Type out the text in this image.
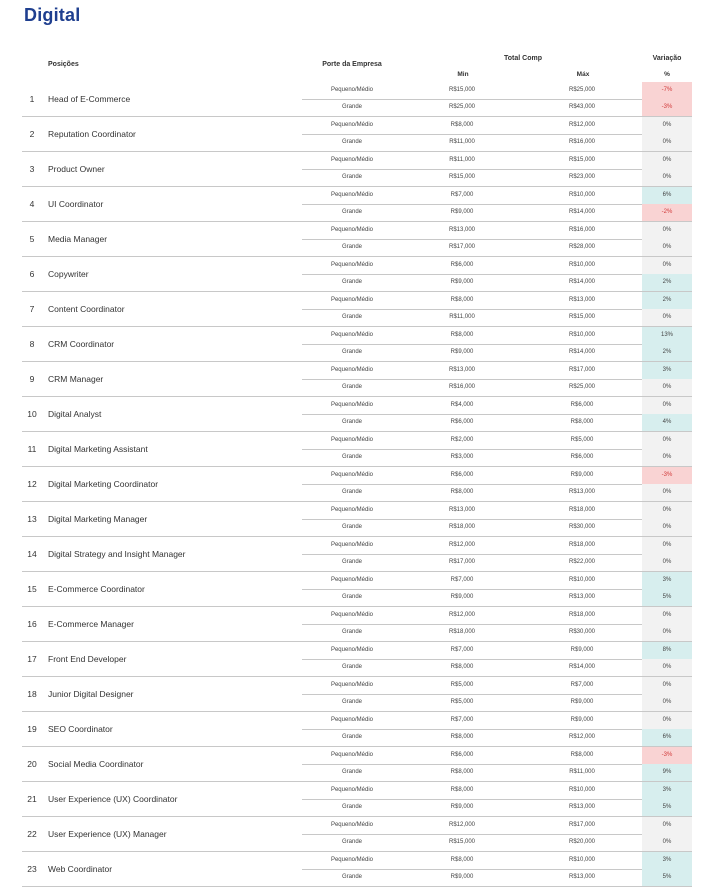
Digital
Posições	Porte da Empresa
Total Comp
Min	Máx
Variação
%
1	Head of E-Commerce
Pequeno/Médio	R$15,000	R$25,000	-7%
Grande	R$25,000	R$43,000	-3%
2	Reputation Coordinator
Pequeno/Médio	R$8,000	R$12,000	0%
Grande	R$11,000	R$16,000	0%
3	Product Owner
Pequeno/Médio	R$11,000	R$15,000	0%
Grande	R$15,000	R$23,000	0%
4	UI Coordinator
Pequeno/Médio	R$7,000	R$10,000	6%
Grande	R$9,000	R$14,000	-2%
5	Media Manager
Pequeno/Médio	R$13,000	R$16,000	0%
Grande	R$17,000	R$28,000	0%
6	Copywriter
Pequeno/Médio	R$6,000	R$10,000	0%
Grande	R$9,000	R$14,000	2%
7	Content Coordinator
Pequeno/Médio	R$8,000	R$13,000	2%
Grande	R$11,000	R$15,000	0%
8	CRM Coordinator
Pequeno/Médio	R$8,000	R$10,000	13%
Grande	R$9,000	R$14,000	2%
9	CRM Manager
Pequeno/Médio	R$13,000	R$17,000	3%
Grande	R$16,000	R$25,000	0%
10	Digital Analyst
Pequeno/Médio	R$4,000	R$6,000	0%
Grande	R$6,000	R$8,000	4%
11	Digital Marketing Assistant
Pequeno/Médio	R$2,000	R$5,000	0%
Grande	R$3,000	R$6,000	0%
12	Digital Marketing Coordinator
Pequeno/Médio	R$6,000	R$9,000	-3%
Grande	R$8,000	R$13,000	0%
13	Digital Marketing Manager
Pequeno/Médio	R$13,000	R$18,000	0%
Grande	R$18,000	R$30,000	0%
14	Digital Strategy and Insight Manager
Pequeno/Médio	R$12,000	R$18,000	0%
Grande	R$17,000	R$22,000	0%
15	E-Commerce Coordinator
Pequeno/Médio	R$7,000	R$10,000	3%
Grande	R$9,000	R$13,000	5%
16	E-Commerce Manager
Pequeno/Médio	R$12,000	R$18,000	0%
Grande	R$18,000	R$30,000	0%
17	Front End Developer
Pequeno/Médio	R$7,000	R$9,000	8%
Grande	R$8,000	R$14,000	0%
18	Junior Digital Designer
Pequeno/Médio	R$5,000	R$7,000	0%
Grande	R$5,000	R$9,000	0%
19	SEO Coordinator
Pequeno/Médio	R$7,000	R$9,000	0%
Grande	R$8,000	R$12,000	6%
20	Social Media Coordinator
Pequeno/Médio	R$6,000	R$8,000	-3%
Grande	R$8,000	R$11,000	9%
21	User Experience (UX) Coordinator
Pequeno/Médio	R$8,000	R$10,000	3%
Grande	R$9,000	R$13,000	5%
22	User Experience (UX) Manager
Pequeno/Médio	R$12,000	R$17,000	0%
Grande	R$15,000	R$20,000	0%
23	Web Coordinator
Pequeno/Médio	R$8,000	R$10,000	3%
Grande	R$9,000	R$13,000	5%
